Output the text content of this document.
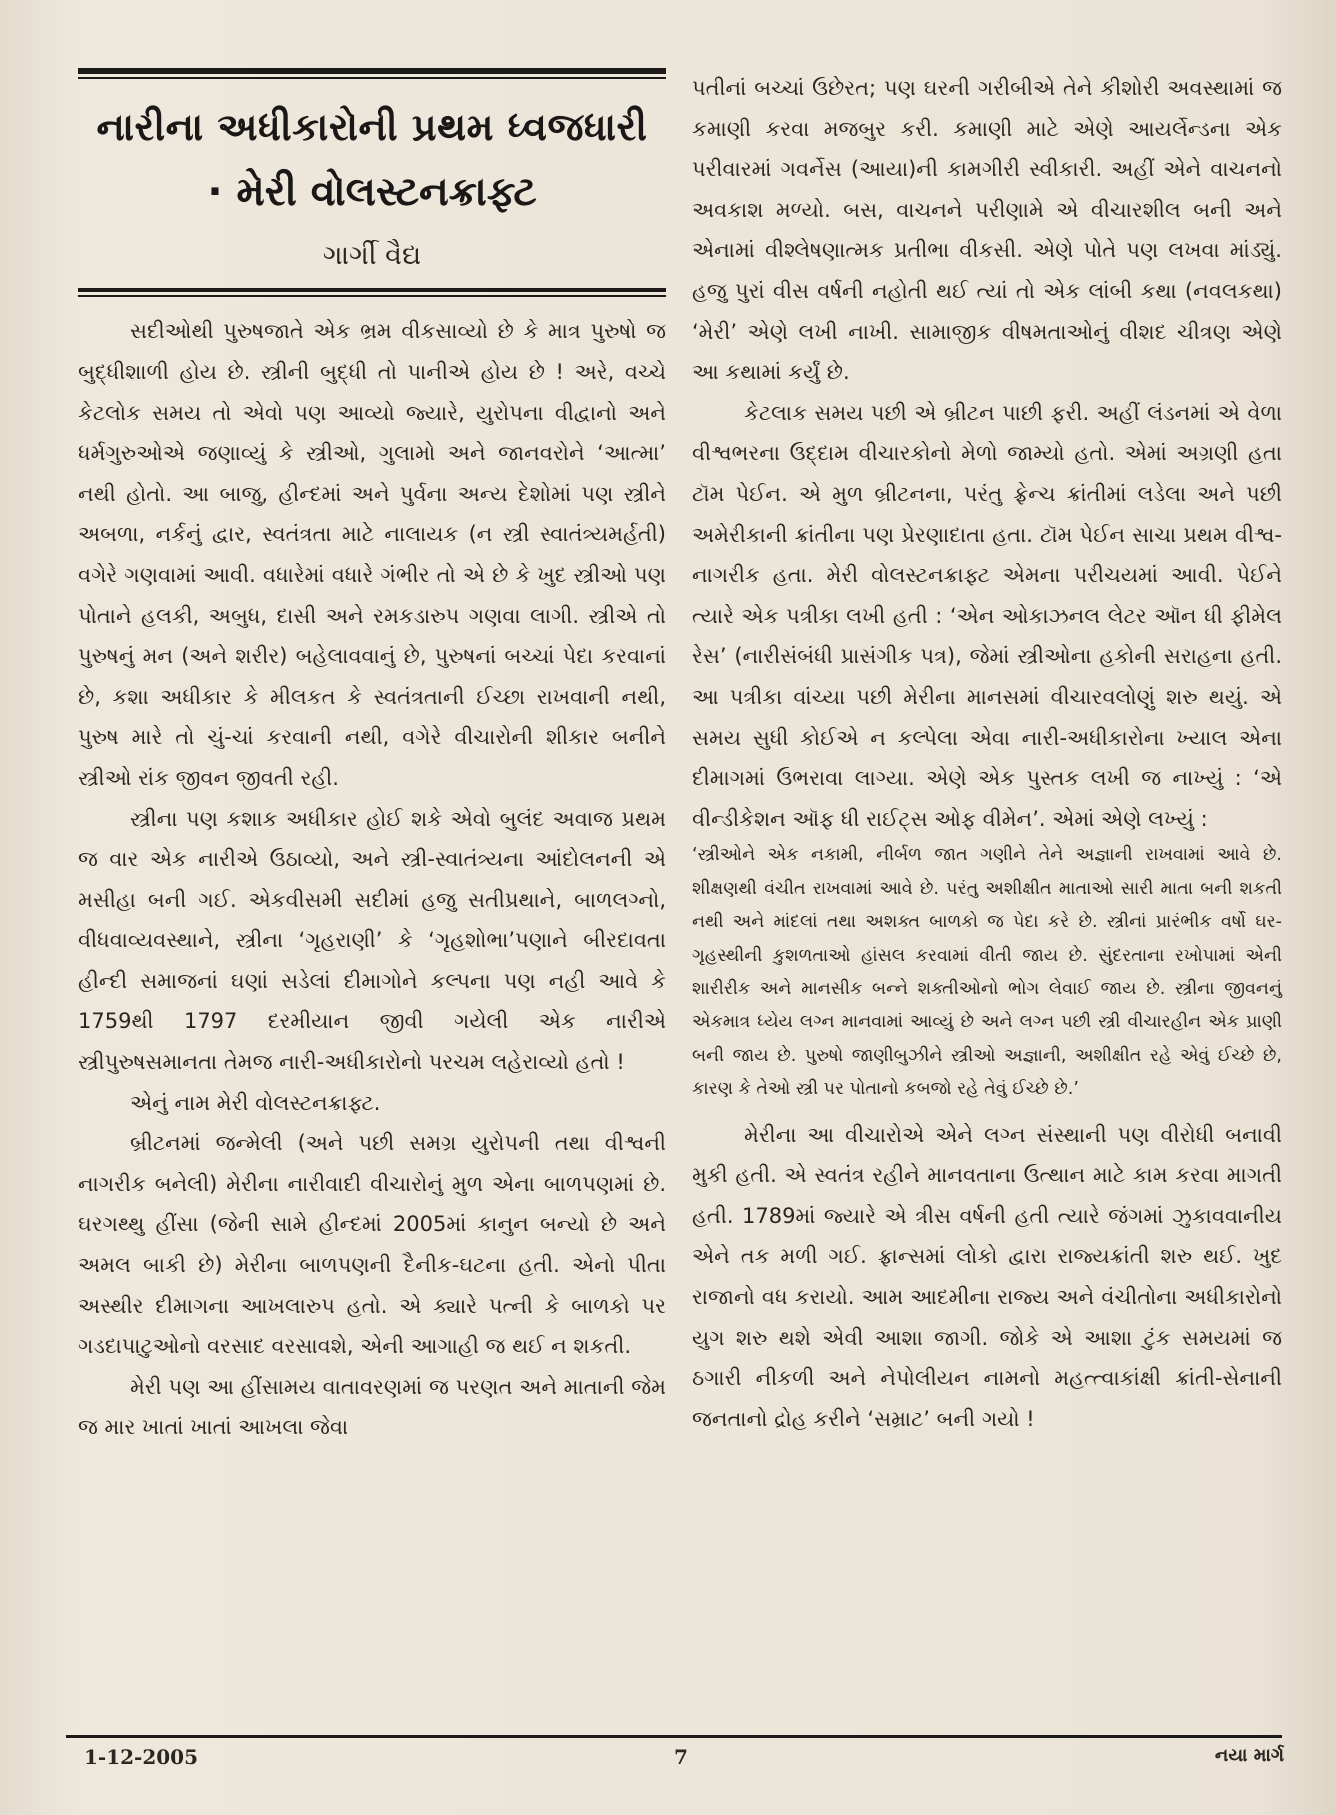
નારીના અધીકારોની પ્રથમ ધ્વજધારી
· મેરી વોલસ્ટનક્રાફ્ટ
ગાર્ગી વૈદ્ય

સદીઓથી પુરુષજાતે એક ભ્રમ વીકસાવ્યો છે કે માત્ર પુરુષો જ બુદ્ધીશાળી હોય છે. સ્ત્રીની બુદ્ધી તો પાનીએ હોય છે ! અરે, વચ્ચે કેટલોક સમય તો એવો પણ આવ્યો જ્યારે, યુરોપના વીદ્વાનો અને ધર્મગુરુઓએ જણાવ્યું કે સ્ત્રીઓ, ગુલામો અને જાનવરોને ‘આત્મા’ નથી હોતો. આ બાજુ, હીન્દમાં અને પુર્વના અન્ય દેશોમાં પણ સ્ત્રીને અબળા, નર્કનું દ્વાર, સ્વતંત્રતા માટે નાલાયક (ન સ્ત્રી સ્વાતંત્ર્યમર્હતી) વગેરે ગણવામાં આવી. વધારેમાં વધારે ગંભીર તો એ છે કે ખુદ સ્ત્રીઓ પણ પોતાને હલકી, અબુધ, દાસી અને રમકડારુપ ગણવા લાગી. સ્ત્રીએ તો પુરુષનું મન (અને શરીર) બહેલાવવાનું છે, પુરુષનાં બચ્ચાં પેદા કરવાનાં છે, કશા અધીકાર કે મીલકત કે સ્વતંત્રતાની ઈચ્છા રાખવાની નથી, પુરુષ મારે તો ચું-ચાં કરવાની નથી, વગેરે વીચારોની શીકાર બનીને સ્ત્રીઓ રાંક જીવન જીવતી રહી.

સ્ત્રીના પણ કશાક અધીકાર હોઈ શકે એવો બુલંદ અવાજ પ્રથમ જ વાર એક નારીએ ઉઠાવ્યો, અને સ્ત્રી-સ્વાતંત્ર્યના આંદોલનની એ મસીહા બની ગઈ. એકવીસમી સદીમાં હજુ સતીપ્રથાને, બાળલગ્નો, વીધવાવ્યવસ્થાને, સ્ત્રીના ‘ગૃહરાણી’ કે ‘ગૃહશોભા’પણાને બીરદાવતા હીન્દી સમાજનાં ઘણાં સડેલાં દીમાગોને કલ્પના પણ નહી આવે કે 1759થી 1797 દરમીયાન જીવી ગયેલી એક નારીએ સ્ત્રીપુરુષસમાનતા તેમજ નારી-અધીકારોનો પરચમ લહેરાવ્યો હતો !

એનું નામ મેરી વોલસ્ટનક્રાફ્ટ.

બ્રીટનમાં જન્મેલી (અને પછી સમગ્ર યુરોપની તથા વીશ્વની નાગરીક બનેલી) મેરીના નારીવાદી વીચારોનું મુળ એના બાળપણમાં છે. ઘરગથ્થુ હીંસા (જેની સામે હીન્દમાં 2005માં કાનુન બન્યો છે અને અમલ બાકી છે) મેરીના બાળપણની દૈનીક-ઘટના હતી. એનો પીતા અસ્થીર દીમાગના આખલારુપ હતો. એ ક્યારે પત્ની કે બાળકો પર ગડદાપાટુઓનો વરસાદ વરસાવશે, એની આગાહી જ થઈ ન શકતી.

મેરી પણ આ હીંસામય વાતાવરણમાં જ પરણત અને માતાની જેમ જ માર ખાતાં ખાતાં આખલા જેવા

પતીનાં બચ્ચાં ઉછેરત; પણ ઘરની ગરીબીએ તેને કીશોરી અવસ્થામાં જ કમાણી કરવા મજબુર કરી. કમાણી માટે એણે આયર્લેન્ડના એક પરીવારમાં ગવર્નેસ (આયા)ની કામગીરી સ્વીકારી. અહીં એને વાચનનો અવકાશ મળ્યો. બસ, વાચનને પરીણામે એ વીચારશીલ બની અને એનામાં વીશ્લેષણાત્મક પ્રતીભા વીકસી. એણે પોતે પણ લખવા માંડ્યું. હજુ પુરાં વીસ વર્ષની નહોતી થઈ ત્યાં તો એક લાંબી કથા (નવલકથા) ‘મેરી’ એણે લખી નાખી. સામાજીક વીષમતાઓનું વીશદ ચીત્રણ એણે આ કથામાં કર્યું છે.

કેટલાક સમય પછી એ બ્રીટન પાછી ફરી. અહીં લંડનમાં એ વેળા વીશ્વભરના ઉદ્દામ વીચારકોનો મેળો જામ્યો હતો. એમાં અગ્રણી હતા ટૉમ પેઈન. એ મુળ બ્રીટનના, પરંતુ ફ્રેન્ચ ક્રાંતીમાં લડેલા અને પછી અમેરીકાની ક્રાંતીના પણ પ્રેરણાદાતા હતા. ટૉમ પેઈન સાચા પ્રથમ વીશ્વ-નાગરીક હતા. મેરી વોલસ્ટનક્રાફ્ટ એમના પરીચયમાં આવી. પેઈને ત્યારે એક પત્રીકા લખી હતી : ‘એન ઓકાઝનલ લેટર ઑન ધી ફીમેલ રેસ’ (નારીસંબંધી પ્રાસંગીક પત્ર), જેમાં સ્ત્રીઓના હકોની સરાહના હતી. આ પત્રીકા વાંચ્યા પછી મેરીના માનસમાં વીચારવલોણું શરુ થયું. એ સમય સુધી કોઈએ ન કલ્પેલા એવા નારી-અધીકારોના ખ્યાલ એના દીમાગમાં ઉભરાવા લાગ્યા. એણે એક પુસ્તક લખી જ નાખ્યું : ‘એ વીન્ડીકેશન ઑફ ધી રાઈટ્સ ઓફ વીમેન’. એમાં એણે લખ્યું :

‘સ્ત્રીઓને એક નકામી, નીર્બળ જાત ગણીને તેને અજ્ઞાની રાખવામાં આવે છે. શીક્ષણથી વંચીત રાખવામાં આવે છે. પરંતુ અશીક્ષીત માતાઓ સારી માતા બની શકતી નથી અને માંદલાં તથા અશક્ત બાળકો જ પેદા કરે છે. સ્ત્રીનાં પ્રારંભીક વર્ષો ઘર-ગૃહસ્થીની કુશળતાઓ હાંસલ કરવામાં વીતી જાય છે. સુંદરતાના રખોપામાં એની શારીરીક અને માનસીક બન્ને શક્તીઓનો ભોગ લેવાઈ જાય છે. સ્ત્રીના જીવનનું એકમાત્ર ધ્યેય લગ્ન માનવામાં આવ્યું છે અને લગ્ન પછી સ્ત્રી વીચારહીન એક પ્રાણી બની જાય છે. પુરુષો જાણીબુઝીને સ્ત્રીઓ અજ્ઞાની, અશીક્ષીત રહે એવું ઈચ્છે છે, કારણ કે તેઓ સ્ત્રી પર પોતાનો કબજો રહે તેવું ઈચ્છે છે.’

મેરીના આ વીચારોએ એને લગ્ન સંસ્થાની પણ વીરોધી બનાવી મુકી હતી. એ સ્વતંત્ર રહીને માનવતાના ઉત્થાન માટે કામ કરવા માગતી હતી. 1789માં જ્યારે એ ત્રીસ વર્ષની હતી ત્યારે જંગમાં ઝુકાવવાનીય એને તક મળી ગઈ. ફ્રાન્સમાં લોકો દ્વારા રાજ્યક્રાંતી શરુ થઈ. ખુદ રાજાનો વધ કરાયો. આમ આદમીના રાજ્ય અને વંચીતોના અધીકારોનો યુગ શરુ થશે એવી આશા જાગી. જોકે એ આશા ટુંક સમયમાં જ ઠગારી નીકળી અને નેપોલીયન નામનો મહત્ત્વાકાંક્ષી ક્રાંતી-સેનાની જનતાનો દ્રોહ કરીને ‘સમ્રાટ’ બની ગયો !

1-12-2005	7	નયા માર્ગ
